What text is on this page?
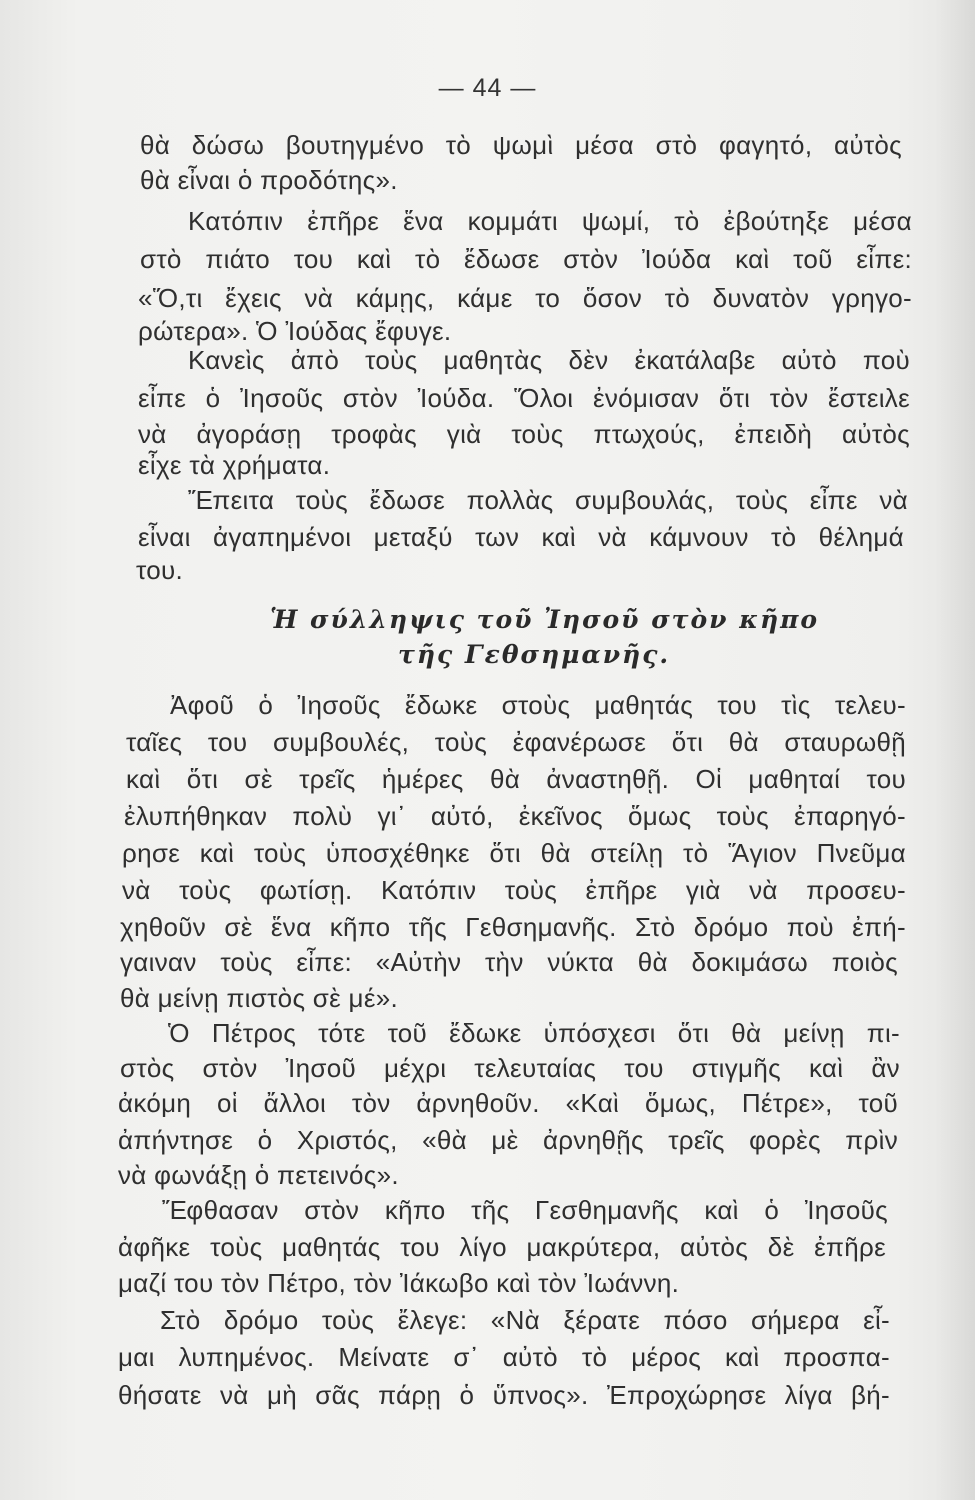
— 44 —
θὰ δώσω βουτηγμένο τὸ ψωμὶ μέσα στὸ φαγητό, αὐτὸς
θὰ εἶναι ὁ προδότης».
Κατόπιν ἐπῆρε ἕνα κομμάτι ψωμί, τὸ ἐβούτηξε μέσα
στὸ πιάτο του καὶ τὸ ἔδωσε στὸν Ἰούδα καὶ τοῦ εἶπε:
«Ὅ,τι ἔχεις νὰ κάμῃς, κάμε το ὅσον τὸ δυνατὸν γρηγο-
ρώτερα». Ὁ Ἰούδας ἔφυγε.
Κανεὶς ἀπὸ τοὺς μαθητὰς δὲν ἐκατάλαβε αὐτὸ ποὺ
εἶπε ὁ Ἰησοῦς στὸν Ἰούδα. Ὅλοι ἐνόμισαν ὅτι τὸν ἔστειλε
νὰ ἀγοράσῃ τροφὰς γιὰ τοὺς πτωχούς, ἐπειδὴ αὐτὸς
εἶχε τὰ χρήματα.
Ἔπειτα τοὺς ἔδωσε πολλὰς συμβουλάς, τοὺς εἶπε νὰ
εἶναι ἀγαπημένοι μεταξύ των καὶ νὰ κάμνουν τὸ θέλημά
του.
Ἡ σύλληψις τοῦ Ἰησοῦ στὸν κῆπο
τῆς Γεθσημανῆς.
Ἀφοῦ ὁ Ἰησοῦς ἔδωκε στοὺς μαθητάς του τὶς τελευ-
ταῖες του συμβουλές, τοὺς ἐφανέρωσε ὅτι θὰ σταυρωθῇ
καὶ ὅτι σὲ τρεῖς ἡμέρες θὰ ἀναστηθῇ. Οἱ μαθηταί του
ἐλυπήθηκαν πολὺ γι᾽ αὐτό, ἐκεῖνος ὅμως τοὺς ἐπαρηγό-
ρησε καὶ τοὺς ὑποσχέθηκε ὅτι θὰ στείλῃ τὸ Ἅγιον Πνεῦμα
νὰ τοὺς φωτίσῃ. Κατόπιν τοὺς ἐπῆρε γιὰ νὰ προσευ-
χηθοῦν σὲ ἕνα κῆπο τῆς Γεθσημανῆς. Στὸ δρόμο ποὺ ἐπή-
γαιναν τοὺς εἶπε: «Αὐτὴν τὴν νύκτα θὰ δοκιμάσω ποιὸς
θὰ μείνῃ πιστὸς σὲ μέ».
Ὁ Πέτρος τότε τοῦ ἔδωκε ὑπόσχεσι ὅτι θὰ μείνῃ πι-
στὸς στὸν Ἰησοῦ μέχρι τελευταίας του στιγμῆς καὶ ἂν
ἀκόμη οἱ ἄλλοι τὸν ἀρνηθοῦν. «Καὶ ὅμως, Πέτρε», τοῦ
ἀπήντησε ὁ Χριστός, «θὰ μὲ ἀρνηθῇς τρεῖς φορὲς πρὶν
νὰ φωνάξῃ ὁ πετεινός».
Ἔφθασαν στὸν κῆπο τῆς Γεσθημανῆς καὶ ὁ Ἰησοῦς
ἀφῆκε τοὺς μαθητάς του λίγο μακρύτερα, αὐτὸς δὲ ἐπῆρε
μαζί του τὸν Πέτρο, τὸν Ἰάκωβο καὶ τὸν Ἰωάννη.
Στὸ δρόμο τοὺς ἔλεγε: «Νὰ ξέρατε πόσο σήμερα εἶ-
μαι λυπημένος. Μείνατε σ᾽ αὐτὸ τὸ μέρος καὶ προσπα-
θήσατε νὰ μὴ σᾶς πάρῃ ὁ ὕπνος». Ἐπροχώρησε λίγα βή-
